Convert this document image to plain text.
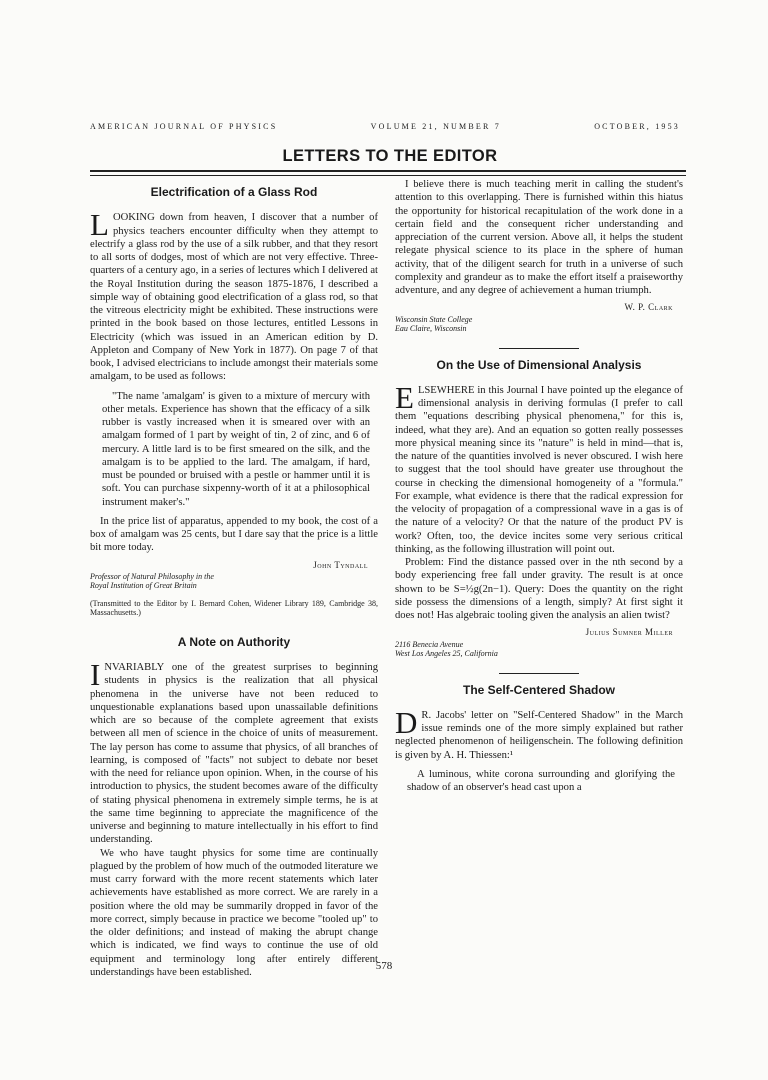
AMERICAN JOURNAL OF PHYSICS	VOLUME 21, NUMBER 7	OCTOBER, 1953
LETTERS TO THE EDITOR
Electrification of a Glass Rod

LOOKING down from heaven, I discover that a number of physics teachers encounter difficulty when they attempt to electrify a glass rod by the use of a silk rubber, and that they resort to all sorts of dodges, most of which are not very effective. Three-quarters of a century ago, in a series of lectures which I delivered at the Royal Institution during the season 1875-1876, I described a simple way of obtaining good electrification of a glass rod, so that the vitreous electricity might be exhibited. These instructions were printed in the book based on those lectures, entitled Lessons in Electricity (which was issued in an American edition by D. Appleton and Company of New York in 1877). On page 7 of that book, I advised electricians to include amongst their materials some amalgam, to be used as follows:

"The name 'amalgam' is given to a mixture of mercury with other metals. Experience has shown that the efficacy of a silk rubber is vastly increased when it is smeared over with an amalgam formed of 1 part by weight of tin, 2 of zinc, and 6 of mercury. A little lard is to be first smeared on the silk, and the amalgam is to be applied to the lard. The amalgam, if hard, must be pounded or bruised with a pestle or hammer until it is soft. You can purchase sixpenny-worth of it at a philosophical instrument maker's."

In the price list of apparatus, appended to my book, the cost of a box of amalgam was 25 cents, but I dare say that the price is a little bit more today.

John Tyndall
Professor of Natural Philosophy in the
Royal Institution of Great Britain
(Transmitted to the Editor by I. Bernard Cohen, Widener Library 189, Cambridge 38, Massachusetts.)
A Note on Authority

INVARIABLY one of the greatest surprises to beginning students in physics is the realization that all physical phenomena in the universe have not been reduced to unquestionable explanations based upon unassailable definitions which are so because of the complete agreement that exists between all men of science in the choice of units of measurement. The lay person has come to assume that physics, of all branches of learning, is composed of "facts" not subject to debate nor beset with the need for reliance upon opinion. When, in the course of his introduction to physics, the student becomes aware of the difficulty of stating physical phenomena in extremely simple terms, he is at the same time beginning to appreciate the magnificence of the universe and beginning to mature intellectually in his effort to find understanding.

We who have taught physics for some time are continually plagued by the problem of how much of the outmoded literature we must carry forward with the more recent statements which later achievements have established as more correct. We are rarely in a position where the old may be summarily dropped in favor of the more correct, simply because in practice we become "tooled up" to the older definitions; and instead of making the abrupt change which is indicated, we find ways to continue the use of old equipment and terminology long after entirely different understandings have been established.

I believe there is much teaching merit in calling the student's attention to this overlapping. There is furnished within this hiatus the opportunity for historical recapitulation of the work done in a certain field and the consequent richer understanding and appreciation of the current version. Above all, it helps the student relegate physical science to its place in the sphere of human activity, that of the diligent search for truth in a universe of such complexity and grandeur as to make the effort itself a praiseworthy adventure, and any degree of achievement a human triumph.

W. P. Clark
Wisconsin State College
Eau Claire, Wisconsin
On the Use of Dimensional Analysis

ELSEWHERE in this Journal I have pointed up the elegance of dimensional analysis in deriving formulas (I prefer to call them "equations describing physical phenomena," for this is, indeed, what they are). And an equation so gotten really possesses more physical meaning since its "nature" is held in mind—that is, the nature of the quantities involved is never obscured. I wish here to suggest that the tool should have greater use throughout the course in checking the dimensional homogeneity of a "formula." For example, what evidence is there that the radical expression for the velocity of propagation of a compressional wave in a gas is of the nature of a velocity? Or that the nature of the product PV is work? Often, too, the device incites some very serious critical thinking, as the following illustration will point out.

Problem: Find the distance passed over in the nth second by a body experiencing free fall under gravity. The result is at once shown to be S=½g(2n−1). Query: Does the quantity on the right side possess the dimensions of a length, simply? At first sight it does not! Has algebraic tooling given the analysis an alien twist?

Julius Sumner Miller
2116 Benecia Avenue
West Los Angeles 25, California
The Self-Centered Shadow

D R. Jacobs' letter on "Self-Centered Shadow" in the March issue reminds one of the more simply explained but rather neglected phenomenon of heiligenschein. The following definition is given by A. H. Thiessen:¹

A luminous, white corona surrounding and glorifying the shadow of an observer's head cast upon a

578
